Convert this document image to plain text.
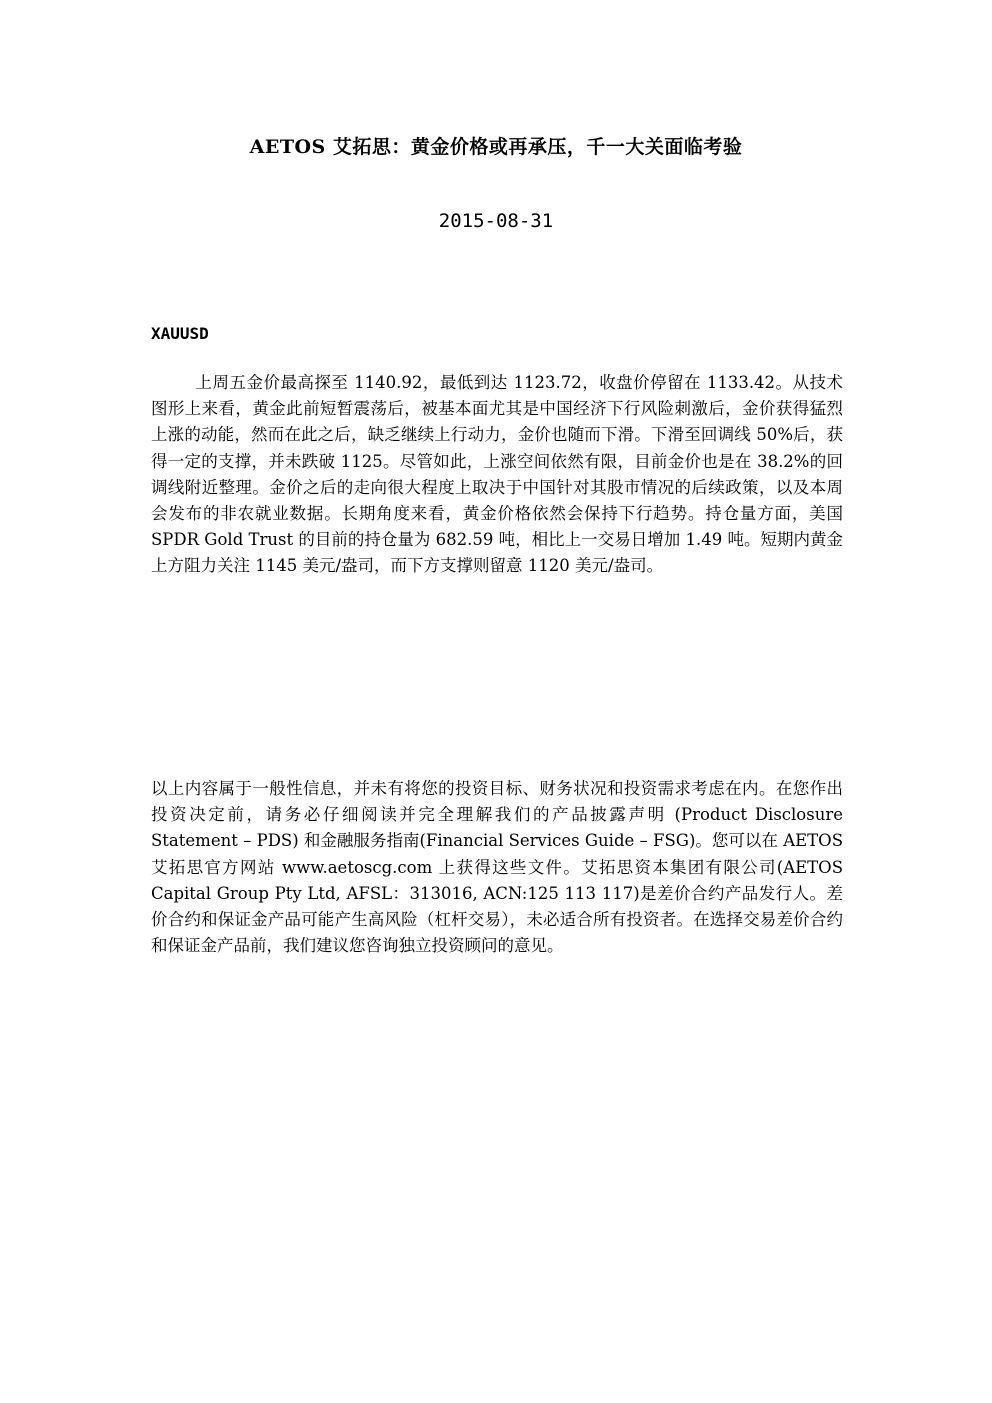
AETOS 艾拓思：黄金价格或再承压，千一大关面临考验
2015-08-31
XAUUSD

上周五金价最高探至 1140.92，最低到达 1123.72，收盘价停留在 1133.42。从技术图形上来看，黄金此前短暂震荡后，被基本面尤其是中国经济下行风险刺激后，金价获得猛烈上涨的动能，然而在此之后，缺乏继续上行动力，金价也随而下滑。下滑至回调线 50%后，获得一定的支撑，并未跌破 1125。尽管如此，上涨空间依然有限，目前金价也是在 38.2%的回调线附近整理。金价之后的走向很大程度上取决于中国针对其股市情况的后续政策，以及本周会发布的非农就业数据。长期角度来看，黄金价格依然会保持下行趋势。持仓量方面，美国 SPDR Gold Trust 的目前的持仓量为 682.59 吨，相比上一交易日增加 1.49 吨。短期内黄金上方阻力关注 1145 美元/盎司，而下方支撑则留意 1120 美元/盎司。

以上内容属于一般性信息，并未有将您的投资目标、财务状况和投资需求考虑在内。在您作出投资决定前，请务必仔细阅读并完全理解我们的产品披露声明 (Product Disclosure Statement – PDS) 和金融服务指南(Financial Services Guide – FSG)。您可以在 AETOS 艾拓思官方网站 www.aetoscg.com 上获得这些文件。艾拓思资本集团有限公司(AETOS Capital Group Pty Ltd, AFSL：313016, ACN:125 113 117)是差价合约产品发行人。差价合约和保证金产品可能产生高风险（杠杆交易），未必适合所有投资者。在选择交易差价合约和保证金产品前，我们建议您咨询独立投资顾问的意见。
